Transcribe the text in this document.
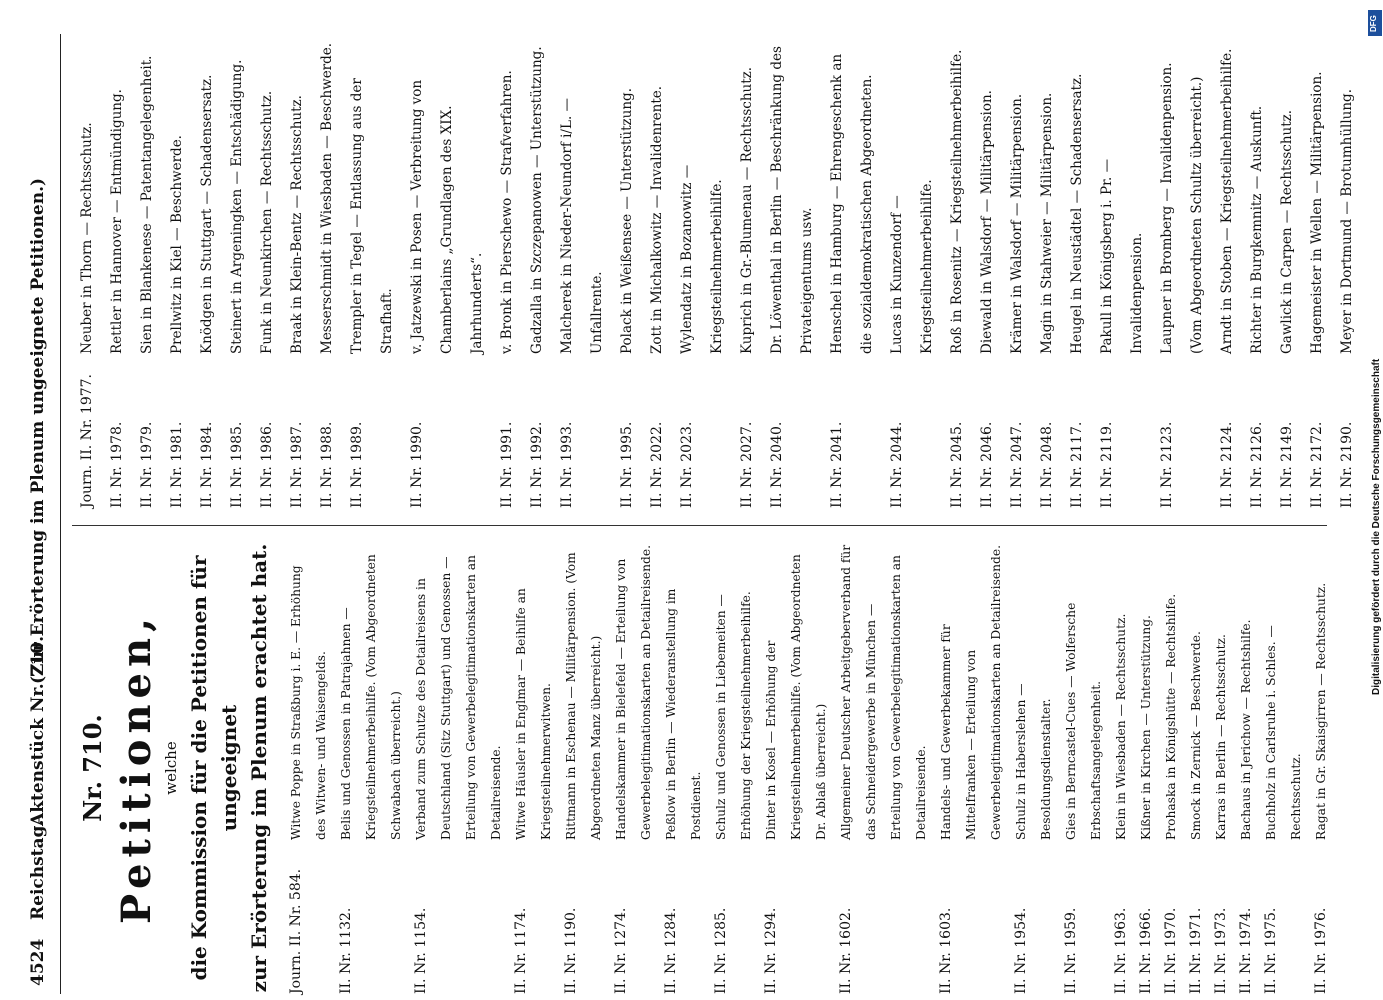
4524
Reichstag.
Aktenstück Nr. 710.
(Zur Erörterung im Plenum ungeeignete Petitionen.)
Nr. 710. Petitionen, welche die Kommission für die Petitionen für ungeeignet zur Erörterung im Plenum erachtet hat. Journ. II. Nr. 584.
Witwe Poppe in Straßburg i. E. — Erhöhung des Witwen- und Waisengelds.
II. Nr. 1132.
Belis und Genossen in Patrajahnen — Kriegsteilnehmerbeihilfe. (Vom Abgeordneten Schwabach überreicht.)
II. Nr. 1154.
Verband zum Schutze des Detailreisens in Deutschland (Sitz Stuttgart) und Genossen — Erteilung von Gewerbelegitimationskarten an Detailreisende.
II. Nr. 1174.
Witwe Häusler in Englmar — Beihilfe an Kriegsteilnehmerwitwen.
II. Nr. 1190.
Rittmann in Eschenau — Militärpension. (Vom Abgeordneten Manz überreicht.)
II. Nr. 1274.
Handelskammer in Bielefeld — Erteilung von Gewerbelegitimationskarten an Detailreisende.
II. Nr. 1284.
Peßlow in Berlin — Wiederanstellung im Postdienst.
II. Nr. 1285.
Schulz und Genossen in Liebemeiten — Erhöhung der Kriegsteilnehmerbeihilfe.
II. Nr. 1294.
Dinter in Kosel — Erhöhung der Kriegsteilnehmerbeihilfe. (Vom Abgeordneten Dr. Ablaß überreicht.)
II. Nr. 1602.
Allgemeiner Deutscher Arbeitgeberverband für das Schneidergewerbe in München — Erteilung von Gewerbelegitimationskarten an Detailreisende.
II. Nr. 1603.
Handels- und Gewerbekammer für Mittelfranken — Erteilung von Gewerbelegitimationskarten an Detailreisende.
II. Nr. 1954.
Schulz in Haberslehen — Besoldungsdienstalter.
II. Nr. 1959.
Gies in Berncastel-Cues — Wolfersche Erbschaftsangelegenheit.
II. Nr. 1963.
Klein in Wiesbaden — Rechtsschutz.
II. Nr. 1966.
Kißner in Kirchen — Unterstützung.
II. Nr. 1970.
Prohaska in Königshütte — Rechtshilfe.
II. Nr. 1971.
Smock in Zernick — Beschwerde.
II. Nr. 1973.
Karras in Berlin — Rechtsschutz.
II. Nr. 1974.
Bachaus in Jerichow — Rechtshilfe.
II. Nr. 1975.
Buchholz in Carlsruhe i. Schles. — Rechtsschutz.
II. Nr. 1976.
Ragat in Gr. Skaisgirren — Rechtsschutz.
Journ. II. Nr. 1977.
Neuber in Thorn — Rechtsschutz.
II. Nr. 1978.
Rettler in Hannover — Entmündigung.
II. Nr. 1979.
Sien in Blankenese — Patentangelegenheit.
II. Nr. 1981.
Prellwitz in Kiel — Beschwerde.
II. Nr. 1984.
Knödgen in Stuttgart — Schadensersatz.
II. Nr. 1985.
Steinert in Argeningken — Entschädigung.
II. Nr. 1986.
Funk in Neunkirchen — Rechtsschutz.
II. Nr. 1987.
Braak in Klein-Bentz — Rechtsschutz.
II. Nr. 1988.
Messerschmidt in Wiesbaden — Beschwerde.
II. Nr. 1989.
Trempler in Tegel — Entlassung aus der Strafhaft.
II. Nr. 1990.
v. Jatzewski in Posen — Verbreitung von Chamberlains „Grundlagen des XIX. Jahrhunderts“.
II. Nr. 1991.
v. Bronk in Pierschewo — Strafverfahren.
II. Nr. 1992.
Gadzalla in Szczepanowen — Unterstützung.
II. Nr. 1993.
Malcherek in Nieder-Neundorf i/L. — Unfallrente.
II. Nr. 1995.
Polack in Weißensee — Unterstützung.
II. Nr. 2022.
Zott in Michalkowitz — Invalidenrente.
II. Nr. 2023.
Wylendatz in Bozanowitz — Kriegsteilnehmerbeihilfe.
II. Nr. 2027.
Kuprich in Gr.-Blumenau — Rechtsschutz.
II. Nr. 2040.
Dr. Löwenthal in Berlin — Beschränkung des Privateigentums usw.
II. Nr. 2041.
Henschel in Hamburg — Ehrengeschenk an die sozialdemokratischen Abgeordneten.
II. Nr. 2044.
Lucas in Kunzendorf — Kriegsteilnehmerbeihilfe.
II. Nr. 2045.
Roß in Rosenitz — Kriegsteilnehmerbeihilfe.
II. Nr. 2046.
Diewald in Walsdorf — Militärpension.
II. Nr. 2047.
Krämer in Walsdorf — Militärpension.
II. Nr. 2048.
Magin in Stahweier — Militärpension.
II. Nr. 2117.
Heugel in Neustädtel — Schadensersatz.
II. Nr. 2119.
Pakull in Königsberg i. Pr. — Invalidenpension.
II. Nr. 2123.
Laupner in Bromberg — Invalidenpension. (Vom Abgeordneten Schultz überreicht.)
II. Nr. 2124.
Arndt in Stoben — Kriegsteilnehmerbeihilfe.
II. Nr. 2126.
Richter in Burgkemnitz — Auskunft.
II. Nr. 2149.
Gawlick in Carpen — Rechtsschutz.
II. Nr. 2172.
Hagemeister in Wellen — Militärpension.
II. Nr. 2190.
Meyer in Dortmund — Brotumhüllung.
Digitalisierung gefördert durch die Deutsche Forschungsgemeinschaft
DFG
